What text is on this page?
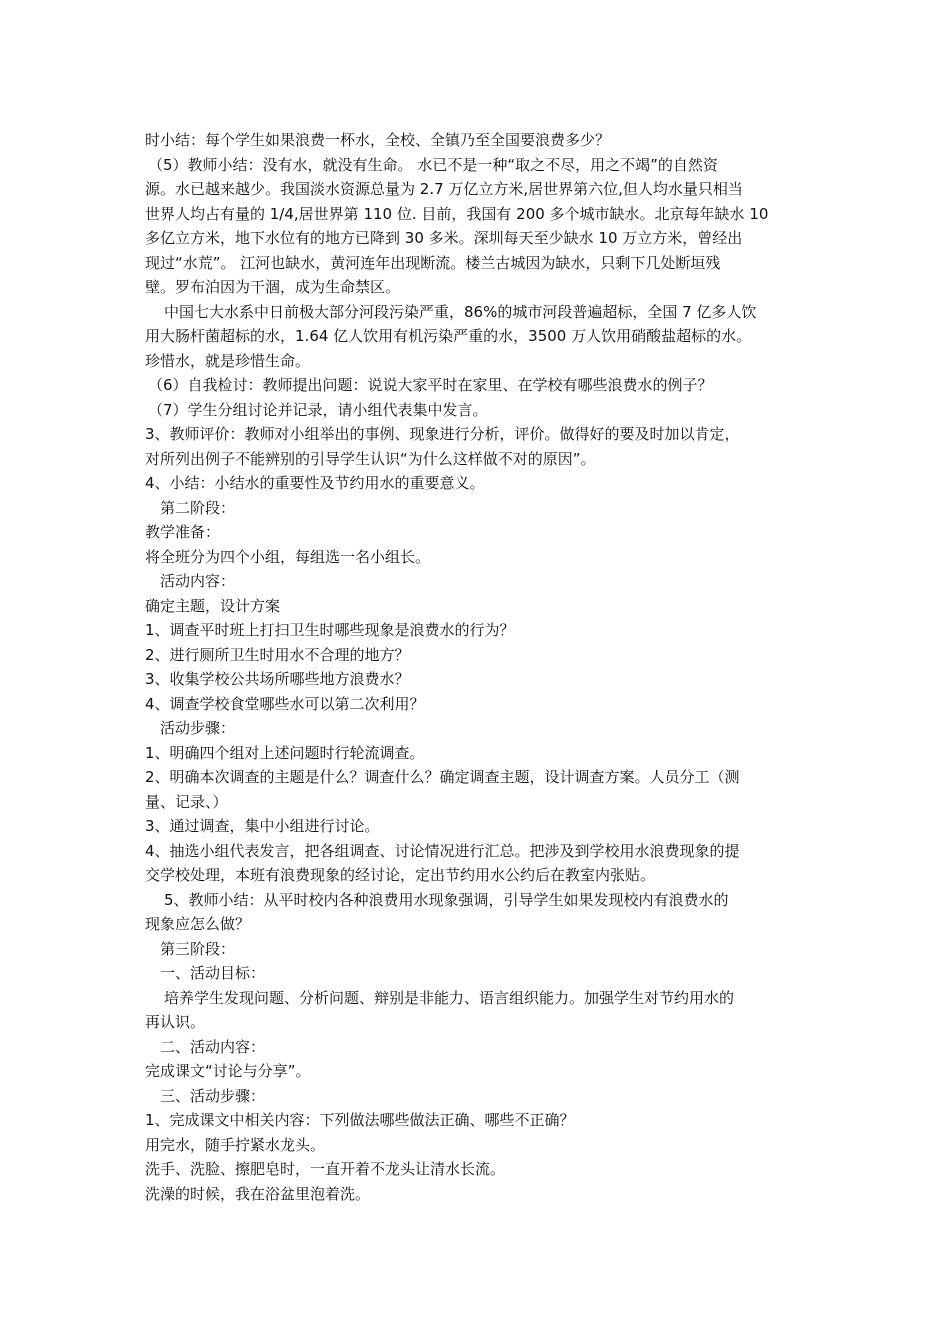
时小结：每个学生如果浪费一杯水，全校、全镇乃至全国要浪费多少？
（5）教师小结：没有水，就没有生命。 水已不是一种“取之不尽，用之不竭”的自然资
源。水已越来越少。我国淡水资源总量为 2.7 万亿立方米,居世界第六位,但人均水量只相当
世界人均占有量的 1/4,居世界第 110 位. 目前，我国有 200 多个城市缺水。北京每年缺水 10
多亿立方米，地下水位有的地方已降到 30 多米。深圳每天至少缺水 10 万立方米，曾经出
现过“水荒”。 江河也缺水，黄河连年出现断流。楼兰古城因为缺水，只剩下几处断垣残
壁。罗布泊因为干涸，成为生命禁区。
中国七大水系中日前极大部分河段污染严重，86%的城市河段普遍超标，全国 7 亿多人饮
用大肠杆菌超标的水，1.64 亿人饮用有机污染严重的水，3500 万人饮用硝酸盐超标的水。
珍惜水，就是珍惜生命。
（6）自我检讨：教师提出问题：说说大家平时在家里、在学校有哪些浪费水的例子？
（7）学生分组讨论并记录，请小组代表集中发言。
3、教师评价：教师对小组举出的事例、现象进行分析，评价。做得好的要及时加以肯定，
对所列出例子不能辨别的引导学生认识“为什么这样做不对的原因”。
4、小结：小结水的重要性及节约用水的重要意义。
第二阶段：
教学准备：
将全班分为四个小组，每组选一名小组长。
活动内容：
确定主题，设计方案
1、调查平时班上打扫卫生时哪些现象是浪费水的行为？
2、进行厕所卫生时用水不合理的地方？
3、收集学校公共场所哪些地方浪费水？
4、调查学校食堂哪些水可以第二次利用？
活动步骤：
1、明确四个组对上述问题时行轮流调查。
2、明确本次调查的主题是什么？调查什么？确定调查主题，设计调查方案。人员分工（测
量、记录、）
3、通过调查，集中小组进行讨论。
4、抽选小组代表发言，把各组调查、讨论情况进行汇总。把涉及到学校用水浪费现象的提
交学校处理，本班有浪费现象的经讨论，定出节约用水公约后在教室内张贴。
5、教师小结：从平时校内各种浪费用水现象强调，引导学生如果发现校内有浪费水的
现象应怎么做？
第三阶段：
一、活动目标：
培养学生发现问题、分析问题、辩别是非能力、语言组织能力。加强学生对节约用水的
再认识。
二、活动内容：
完成课文“讨论与分享”。
三、活动步骤：
1、完成课文中相关内容：下列做法哪些做法正确、哪些不正确？
用完水，随手拧紧水龙头。
洗手、洗脸、擦肥皂时，一直开着不龙头让清水长流。
洗澡的时候，我在浴盆里泡着洗。
